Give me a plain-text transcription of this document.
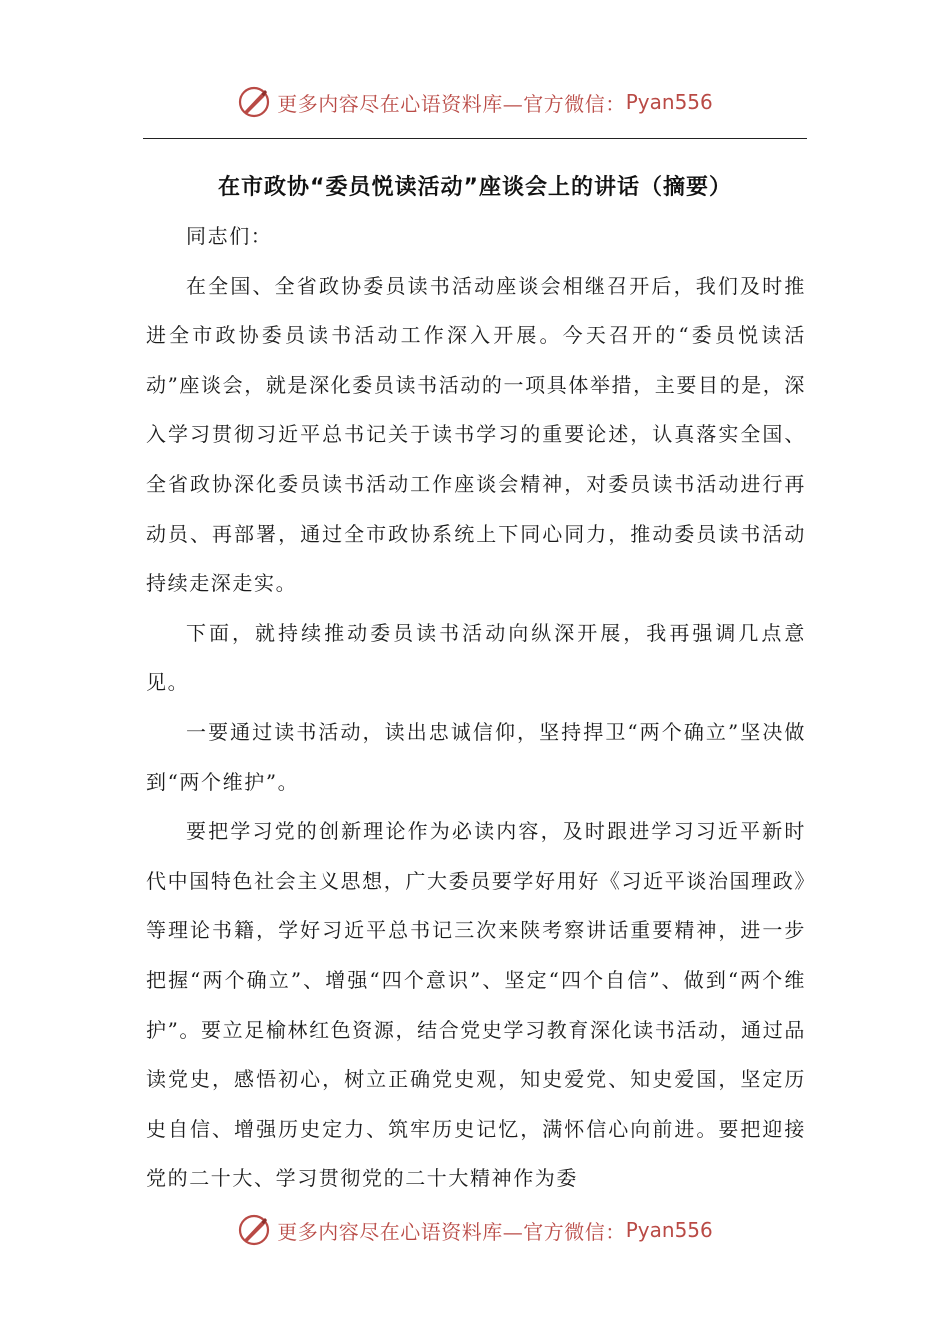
更多内容尽在心语资料库—官方微信： Pyan556
在市政协“委员悦读活动”座谈会上的讲话（摘要）

同志们：

在全国、全省政协委员读书活动座谈会相继召开后，我们及时推进全市政协委员读书活动工作深入开展。今天召开的“委员悦读活动”座谈会，就是深化委员读书活动的一项具体举措，主要目的是，深入学习贯彻习近平总书记关于读书学习的重要论述，认真落实全国、全省政协深化委员读书活动工作座谈会精神，对委员读书活动进行再动员、再部署，通过全市政协系统上下同心同力，推动委员读书活动持续走深走实。

下面，就持续推动委员读书活动向纵深开展，我再强调几点意见。

一要通过读书活动，读出忠诚信仰，坚持捍卫“两个确立”坚决做到“两个维护”。

要把学习党的创新理论作为必读内容，及时跟进学习习近平新时代中国特色社会主义思想，广大委员要学好用好《习近平谈治国理政》等理论书籍，学好习近平总书记三次来陕考察讲话重要精神，进一步把握“两个确立”、增强“四个意识”、坚定“四个自信”、做到“两个维护”。要立足榆林红色资源，结合党史学习教育深化读书活动，通过品读党史，感悟初心，树立正确党史观，知史爱党、知史爱国，坚定历史自信、增强历史定力、筑牢历史记忆，满怀信心向前进。要把迎接党的二十大、学习贯彻党的二十大精神作为委

更多内容尽在心语资料库—官方微信： Pyan556
